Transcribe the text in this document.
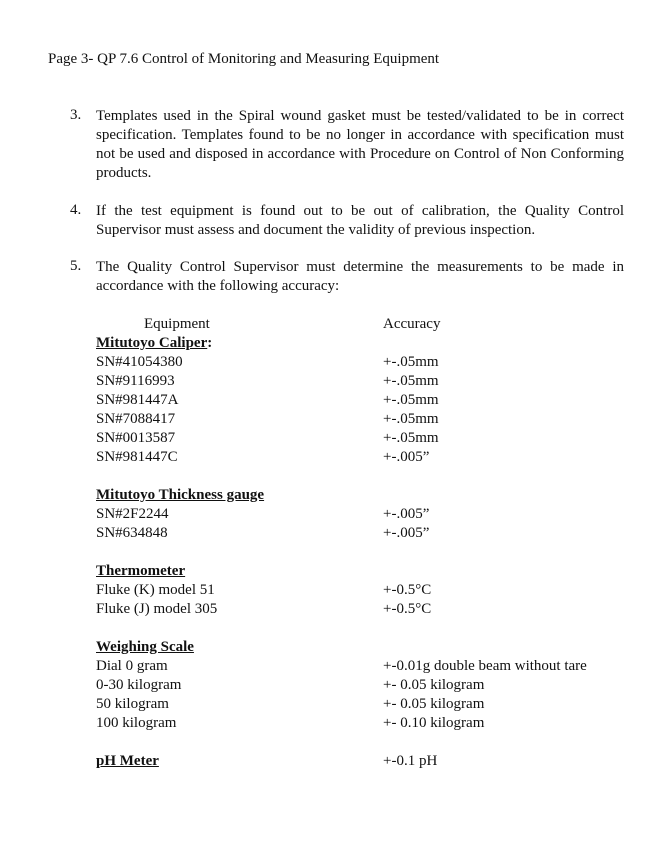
Page 3- QP 7.6 Control of Monitoring and Measuring Equipment
3. Templates used in the Spiral wound gasket must be tested/validated to be in correct specification. Templates found to be no longer in accordance with specification must not be used and disposed in accordance with Procedure on Control of Non Conforming products.
4. If the test equipment is found out to be out of calibration, the Quality Control Supervisor must assess and document the validity of previous inspection.
5. The Quality Control Supervisor must determine the measurements to be made in accordance with the following accuracy:
Equipment	Accuracy
Mitutoyo Caliper:
SN#41054380	+-.05mm
SN#9116993	+-.05mm
SN#981447A	+-.05mm
SN#7088417	+-.05mm
SN#0013587	+-.05mm
SN#981447C	+-.005”
Mitutoyo Thickness gauge
SN#2F2244	+-.005”
SN#634848	+-.005”
Thermometer
Fluke (K) model 51	+-0.5°C
Fluke (J) model 305	+-0.5°C
Weighing Scale
Dial 0 gram	+-0.01g double beam without tare
0-30 kilogram	+- 0.05 kilogram
50 kilogram	+- 0.05 kilogram
100 kilogram	+- 0.10 kilogram
pH Meter	+-0.1 pH
